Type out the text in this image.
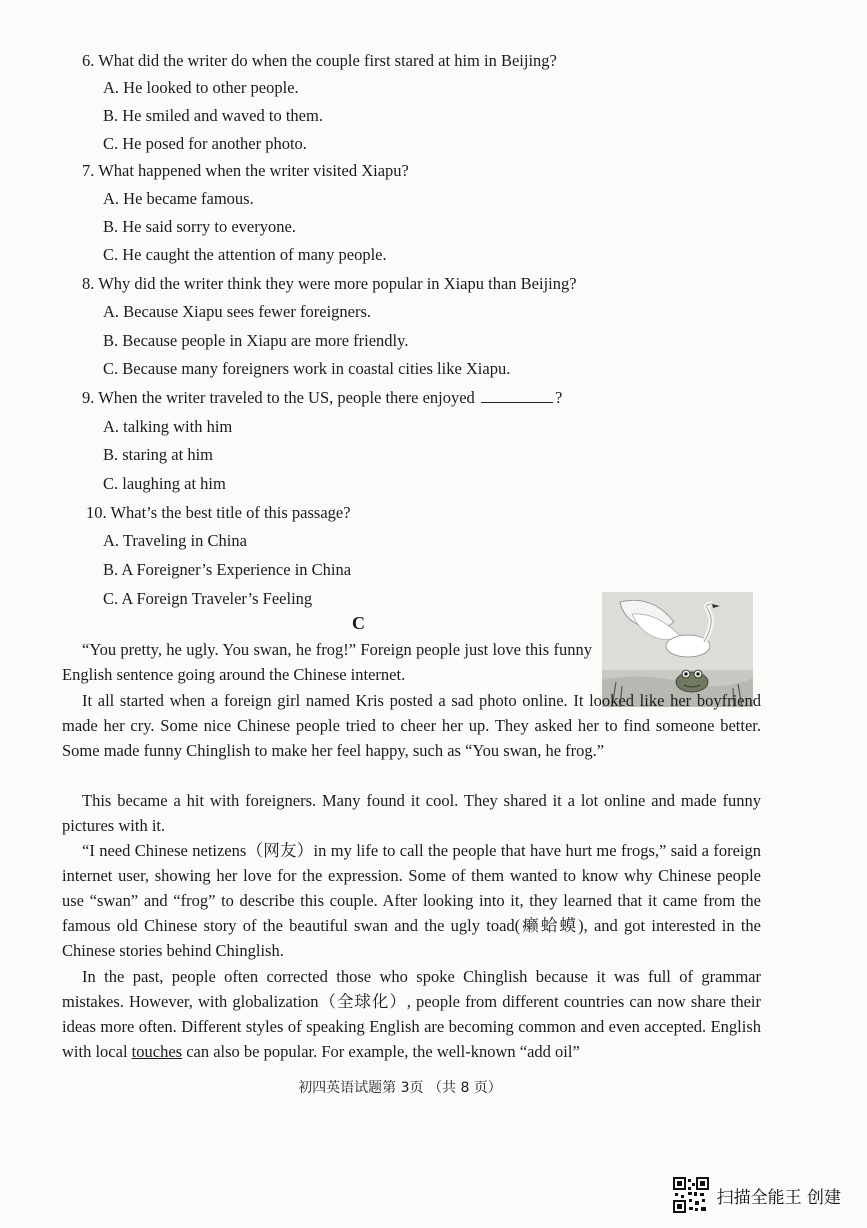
6. What did the writer do when the couple first stared at him in Beijing?
A. He looked to other people.
B. He smiled and waved to them.
C. He posed for another photo.
7. What happened when the writer visited Xiapu?
A. He became famous.
B. He said sorry to everyone.
C. He caught the attention of many people.
8. Why did the writer think they were more popular in Xiapu than Beijing?
A. Because Xiapu sees fewer foreigners.
B. Because people in Xiapu are more friendly.
C. Because many foreigners work in coastal cities like Xiapu.
9. When the writer traveled to the US, people there enjoyed	?
A. talking with him
B. staring at him
C. laughing at him
10. What’s the best title of this passage?
A. Traveling in China
B. A Foreigner’s Experience in China
C. A Foreign Traveler’s Feeling
C
“You pretty, he ugly. You swan, he frog!” Foreign people just love this funny English sentence going around the Chinese internet.
It all started when a foreign girl named Kris posted a sad photo online. It looked like her boyfriend made her cry. Some nice Chinese people tried to cheer her up. They asked her to find someone better. Some made funny Chinglish to make her feel happy, such as “You swan, he frog.”
This became a hit with foreigners. Many found it cool. They shared it a lot online and made funny pictures with it.
“I need Chinese netizens（网友）in my life to call the people that have hurt me frogs,” said a foreign internet user, showing her love for the expression. Some of them wanted to know why Chinese people use “swan” and “frog” to describe this couple. After looking into it, they learned that it came from the famous old Chinese story of the beautiful swan and the ugly toad(癞蛤蟆), and got interested in the Chinese stories behind Chinglish.
In the past, people often corrected those who spoke Chinglish because it was full of grammar mistakes. However, with globalization（全球化）, people from different countries can now share their ideas more often. Different styles of speaking English are becoming common and even accepted. English with local touches can also be popular. For example, the well-known “add oil”
初四英语试题第 3页 （共 8 页）
扫描全能王 创建
